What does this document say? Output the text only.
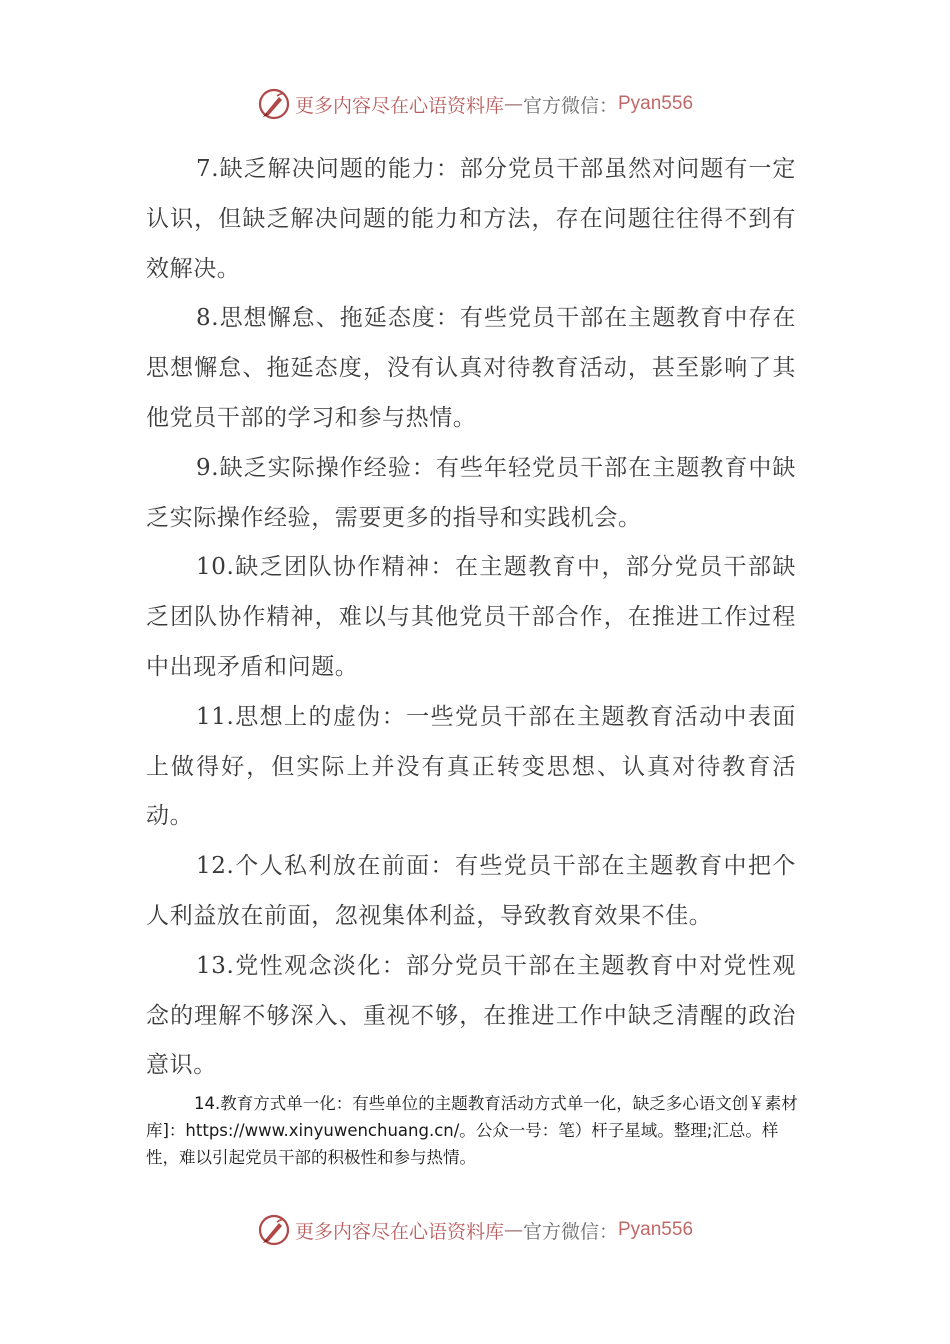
更多内容尽在心语资料库 — 官方微信： Pyan556

7.缺乏解决问题的能力：部分党员干部虽然对问题有一定认识，但缺乏解决问题的能力和方法，存在问题往往得不到有效解决。

8.思想懈怠、拖延态度：有些党员干部在主题教育中存在思想懈怠、拖延态度，没有认真对待教育活动，甚至影响了其他党员干部的学习和参与热情。

9.缺乏实际操作经验：有些年轻党员干部在主题教育中缺乏实际操作经验，需要更多的指导和实践机会。

10.缺乏团队协作精神：在主题教育中，部分党员干部缺乏团队协作精神，难以与其他党员干部合作，在推进工作过程中出现矛盾和问题。

11.思想上的虚伪：一些党员干部在主题教育活动中表面上做得好，但实际上并没有真正转变思想、认真对待教育活动。

12.个人私利放在前面：有些党员干部在主题教育中把个人利益放在前面，忽视集体利益，导致教育效果不佳。

13.党性观念淡化：部分党员干部在主题教育中对党性观念的理解不够深入、重视不够，在推进工作中缺乏清醒的政治意识。

14.教育方式单一化：有些单位的主题教育活动方式单一化，缺乏多心语文创￥素材库]：https://www.xinyuwenchuang.cn/。公众一号：笔）杆子星域。整理;汇总。样性，难以引起党员干部的积极性和参与热情。

更多内容尽在心语资料库 — 官方微信： Pyan556
